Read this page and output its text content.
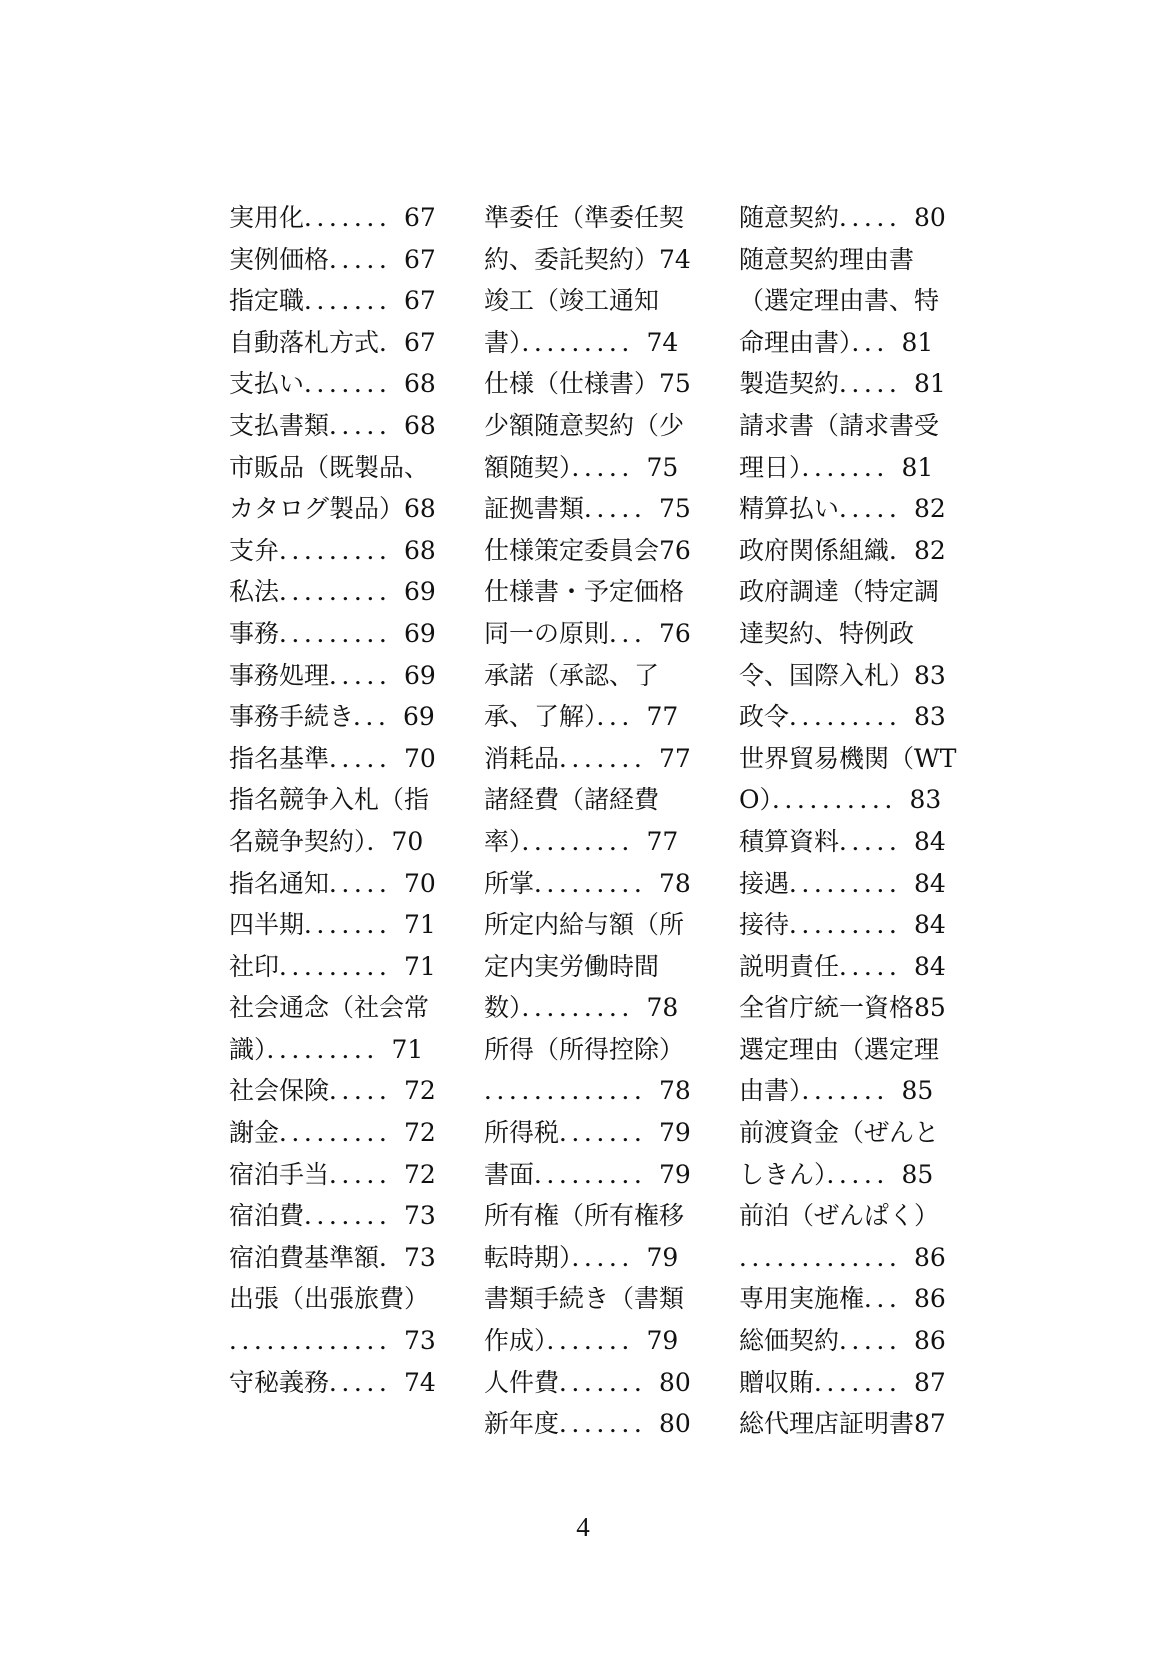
実用化．．．．．．．67
実例価格．．．．．67
指定職．．．．．．．67
自動落札方式．67
支払い．．．．．．．68
支払書類．．．．．68
市販品（既製品、
カタログ製品）68
支弁．．．．．．．．．68
私法．．．．．．．．．69
事務．．．．．．．．．69
事務処理．．．．．69
事務手続き．．．69
指名基準．．．．．70
指名競争入札（指
名競争契約）．70
指名通知．．．．．70
四半期．．．．．．．71
社印．．．．．．．．．71
社会通念（社会常
識）．．．．．．．．．71
社会保険．．．．．72
謝金．．．．．．．．．72
宿泊手当．．．．．72
宿泊費．．．．．．．73
宿泊費基準額．73
出張（出張旅費）
．．．．．．．．．．．．．73
守秘義務．．．．．74
準委任（準委任契
約、委託契約）74
竣工（竣工通知
書）．．．．．．．．．74
仕様（仕様書）75
少額随意契約（少
額随契）．．．．．75
証拠書類．．．．．75
仕様策定委員会76
仕様書・予定価格
同一の原則．．．76
承諾（承認、了
承、了解）．．．77
消耗品．．．．．．．77
諸経費（諸経費
率）．．．．．．．．．77
所掌．．．．．．．．．78
所定内給与額（所
定内実労働時間
数）．．．．．．．．．78
所得（所得控除）
．．．．．．．．．．．．．78
所得税．．．．．．．79
書面．．．．．．．．．79
所有権（所有権移
転時期）．．．．．79
書類手続き（書類
作成）．．．．．．．79
人件費．．．．．．．80
新年度．．．．．．．80
随意契約．．．．．80
随意契約理由書
（選定理由書、特
命理由書）．．．81
製造契約．．．．．81
請求書（請求書受
理日）．．．．．．．81
精算払い．．．．．82
政府関係組織．82
政府調達（特定調
達契約、特例政
令、国際入札）83
政令．．．．．．．．．83
世界貿易機関（WT
O）．．．．．．．．．．83
積算資料．．．．．84
接遇．．．．．．．．．84
接待．．．．．．．．．84
説明責任．．．．．84
全省庁統一資格85
選定理由（選定理
由書）．．．．．．．85
前渡資金（ぜんと
しきん）．．．．．85
前泊（ぜんぱく）
．．．．．．．．．．．．．86
専用実施権．．．86
総価契約．．．．．86
贈収賄．．．．．．．87
総代理店証明書87
4
